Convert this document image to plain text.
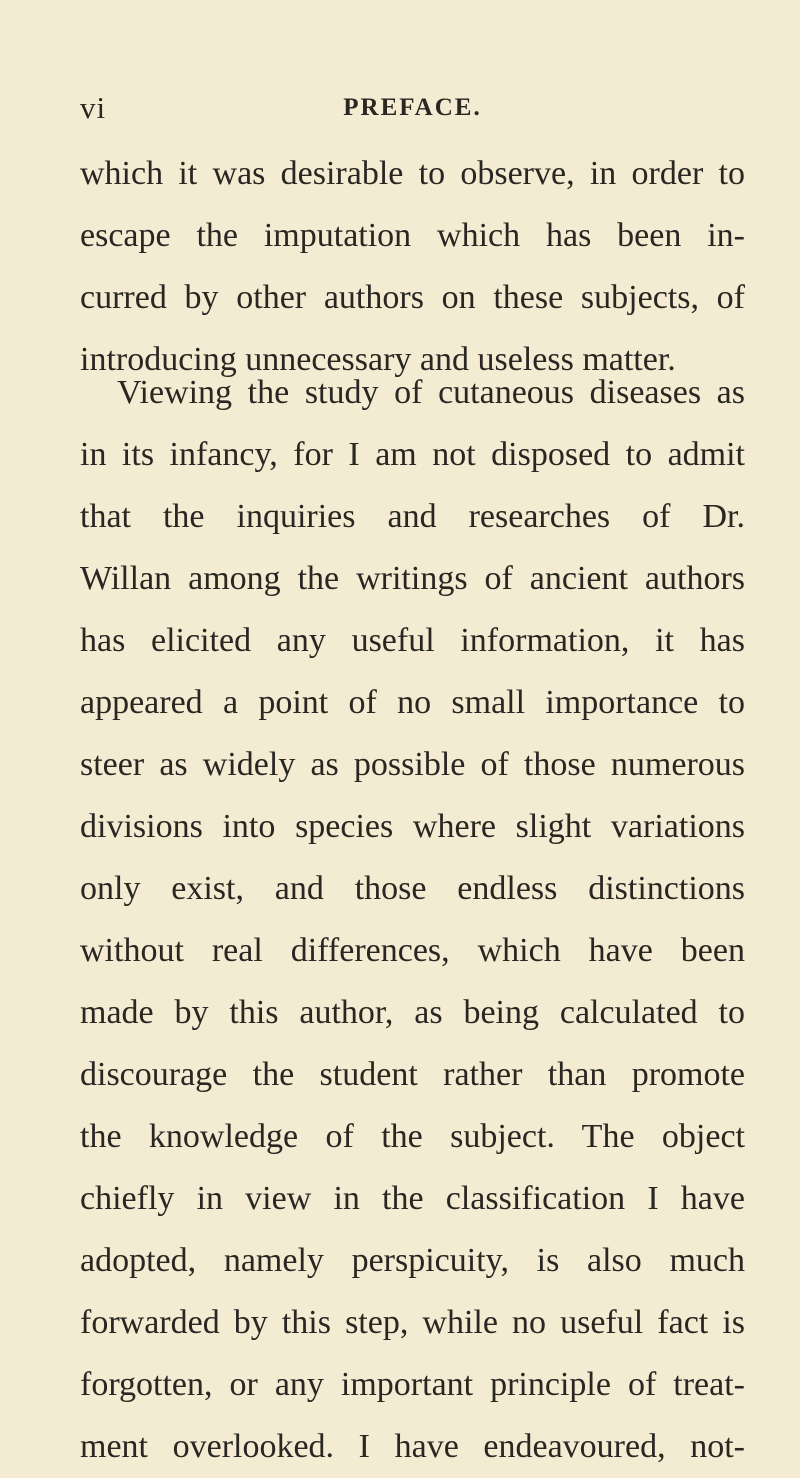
vi	PREFACE.
which it was desirable to observe, in order to
escape the imputation which has been in-
curred by other authors on these subjects, of
introducing unnecessary and useless matter.
Viewing the study of cutaneous diseases as
in its infancy, for I am not disposed to admit
that the inquiries and researches of Dr.
Willan among the writings of ancient authors
has elicited any useful information, it has
appeared a point of no small importance to
steer as widely as possible of those numerous
divisions into species where slight variations
only exist, and those endless distinctions
without real differences, which have been
made by this author, as being calculated to
discourage the student rather than promote
the knowledge of the subject. The object
chiefly in view in the classification I have
adopted, namely perspicuity, is also much
forwarded by this step, while no useful fact is
forgotten, or any important principle of treat-
ment overlooked. I have endeavoured, not-
